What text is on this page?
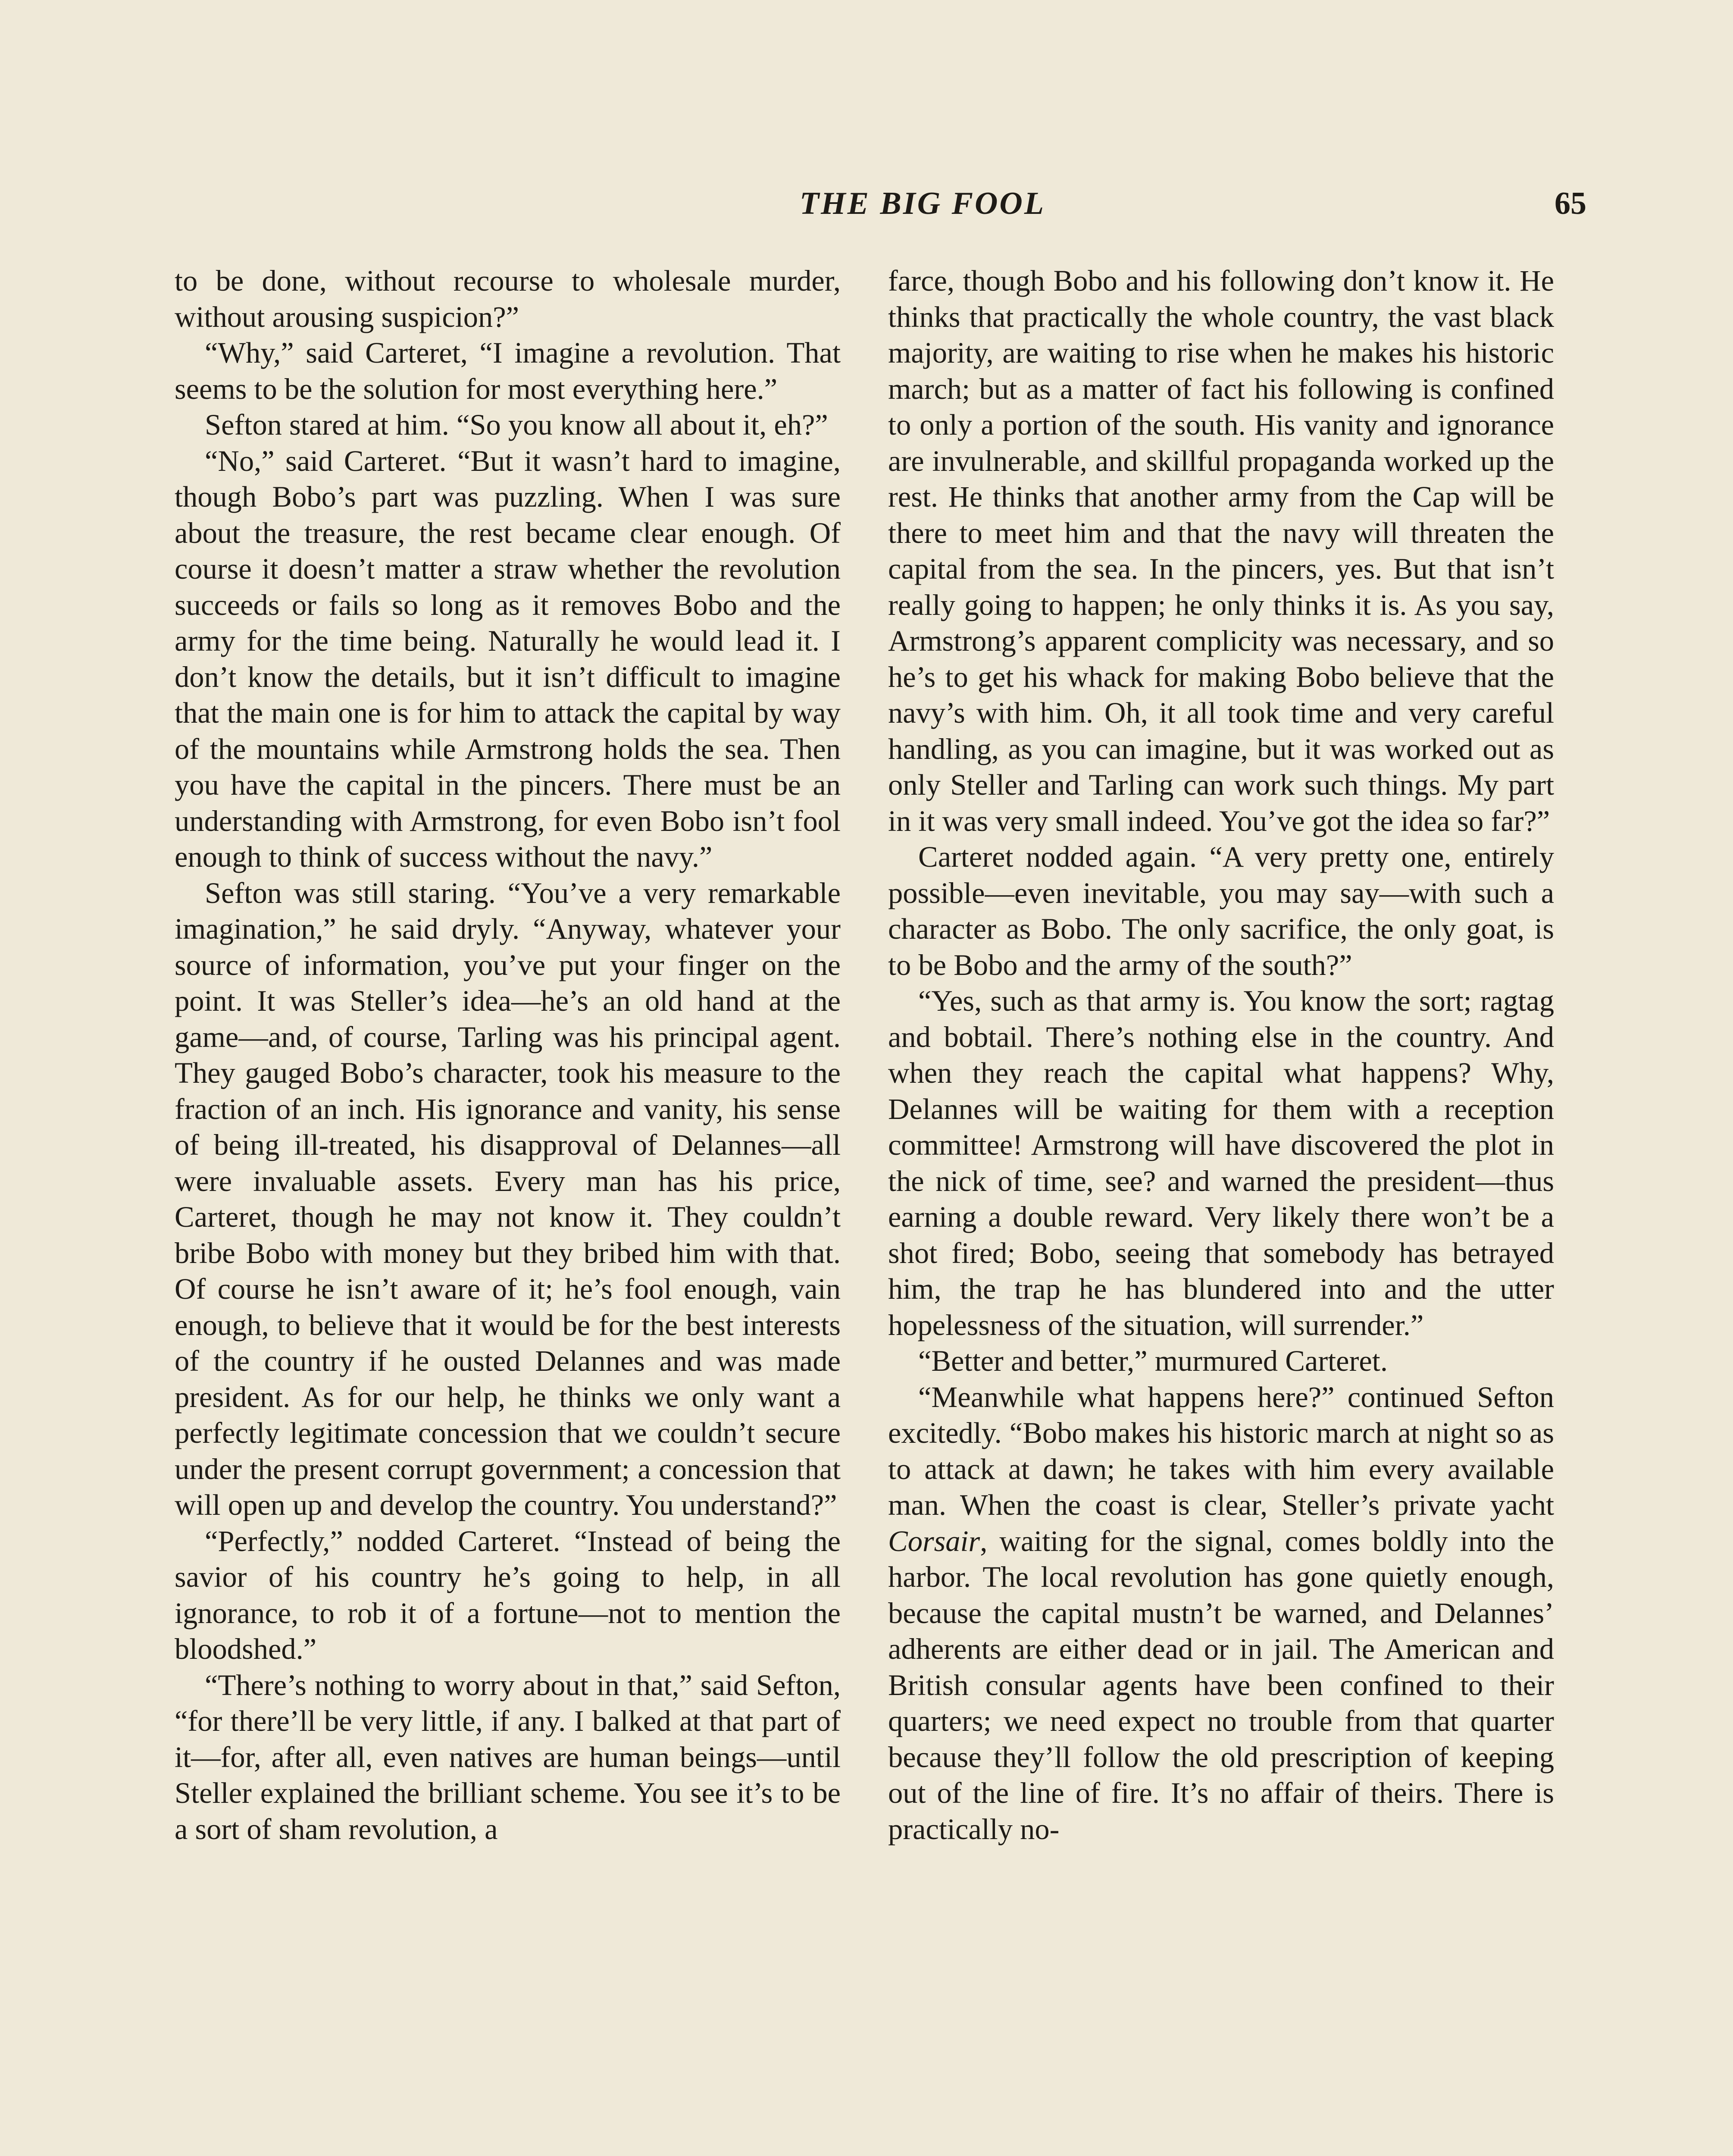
THE BIG FOOL	65

to be done, without recourse to wholesale murder, without arousing suspicion?”

“Why,” said Carteret, “I imagine a revolution. That seems to be the solution for most everything here.”

Sefton stared at him. “So you know all about it, eh?”

“No,” said Carteret. “But it wasn’t hard to imagine, though Bobo’s part was puzzling. When I was sure about the treasure, the rest became clear enough. Of course it doesn’t matter a straw whether the revolution succeeds or fails so long as it removes Bobo and the army for the time being. Naturally he would lead it. I don’t know the details, but it isn’t difficult to imagine that the main one is for him to attack the capital by way of the mountains while Armstrong holds the sea. Then you have the capital in the pincers. There must be an understanding with Armstrong, for even Bobo isn’t fool enough to think of success without the navy.”

Sefton was still staring. “You’ve a very remarkable imagination,” he said dryly. “Anyway, whatever your source of information, you’ve put your finger on the point. It was Steller’s idea—he’s an old hand at the game—and, of course, Tarling was his principal agent. They gauged Bobo’s character, took his measure to the fraction of an inch. His ignorance and vanity, his sense of being ill-treated, his disapproval of Delannes—all were invaluable assets. Every man has his price, Carteret, though he may not know it. They couldn’t bribe Bobo with money but they bribed him with that. Of course he isn’t aware of it; he’s fool enough, vain enough, to believe that it would be for the best interests of the country if he ousted Delannes and was made president. As for our help, he thinks we only want a perfectly legitimate concession that we couldn’t secure under the present corrupt government; a concession that will open up and develop the country. You understand?”

“Perfectly,” nodded Carteret. “Instead of being the savior of his country he’s going to help, in all ignorance, to rob it of a fortune—not to mention the bloodshed.”

“There’s nothing to worry about in that,” said Sefton, “for there’ll be very little, if any. I balked at that part of it—for, after all, even natives are human beings—until Steller explained the brilliant scheme. You see it’s to be a sort of sham revolution, a

farce, though Bobo and his following don’t know it. He thinks that practically the whole country, the vast black majority, are waiting to rise when he makes his historic march; but as a matter of fact his following is confined to only a portion of the south. His vanity and ignorance are invulnerable, and skillful propaganda worked up the rest. He thinks that another army from the Cap will be there to meet him and that the navy will threaten the capital from the sea. In the pincers, yes. But that isn’t really going to happen; he only thinks it is. As you say, Armstrong’s apparent complicity was necessary, and so he’s to get his whack for making Bobo believe that the navy’s with him. Oh, it all took time and very careful handling, as you can imagine, but it was worked out as only Steller and Tarling can work such things. My part in it was very small indeed. You’ve got the idea so far?”

Carteret nodded again. “A very pretty one, entirely possible—even inevitable, you may say—with such a character as Bobo. The only sacrifice, the only goat, is to be Bobo and the army of the south?”

“Yes, such as that army is. You know the sort; ragtag and bobtail. There’s nothing else in the country. And when they reach the capital what happens? Why, Delannes will be waiting for them with a reception committee! Armstrong will have discovered the plot in the nick of time, see? and warned the president—thus earning a double reward. Very likely there won’t be a shot fired; Bobo, seeing that somebody has betrayed him, the trap he has blundered into and the utter hopelessness of the situation, will surrender.”

“Better and better,” murmured Carteret.

“Meanwhile what happens here?” continued Sefton excitedly. “Bobo makes his historic march at night so as to attack at dawn; he takes with him every available man. When the coast is clear, Steller’s private yacht Corsair, waiting for the signal, comes boldly into the harbor. The local revolution has gone quietly enough, because the capital mustn’t be warned, and Delannes’ adherents are either dead or in jail. The American and British consular agents have been confined to their quarters; we need expect no trouble from that quarter because they’ll follow the old prescription of keeping out of the line of fire. It’s no affair of theirs. There is practically no-
